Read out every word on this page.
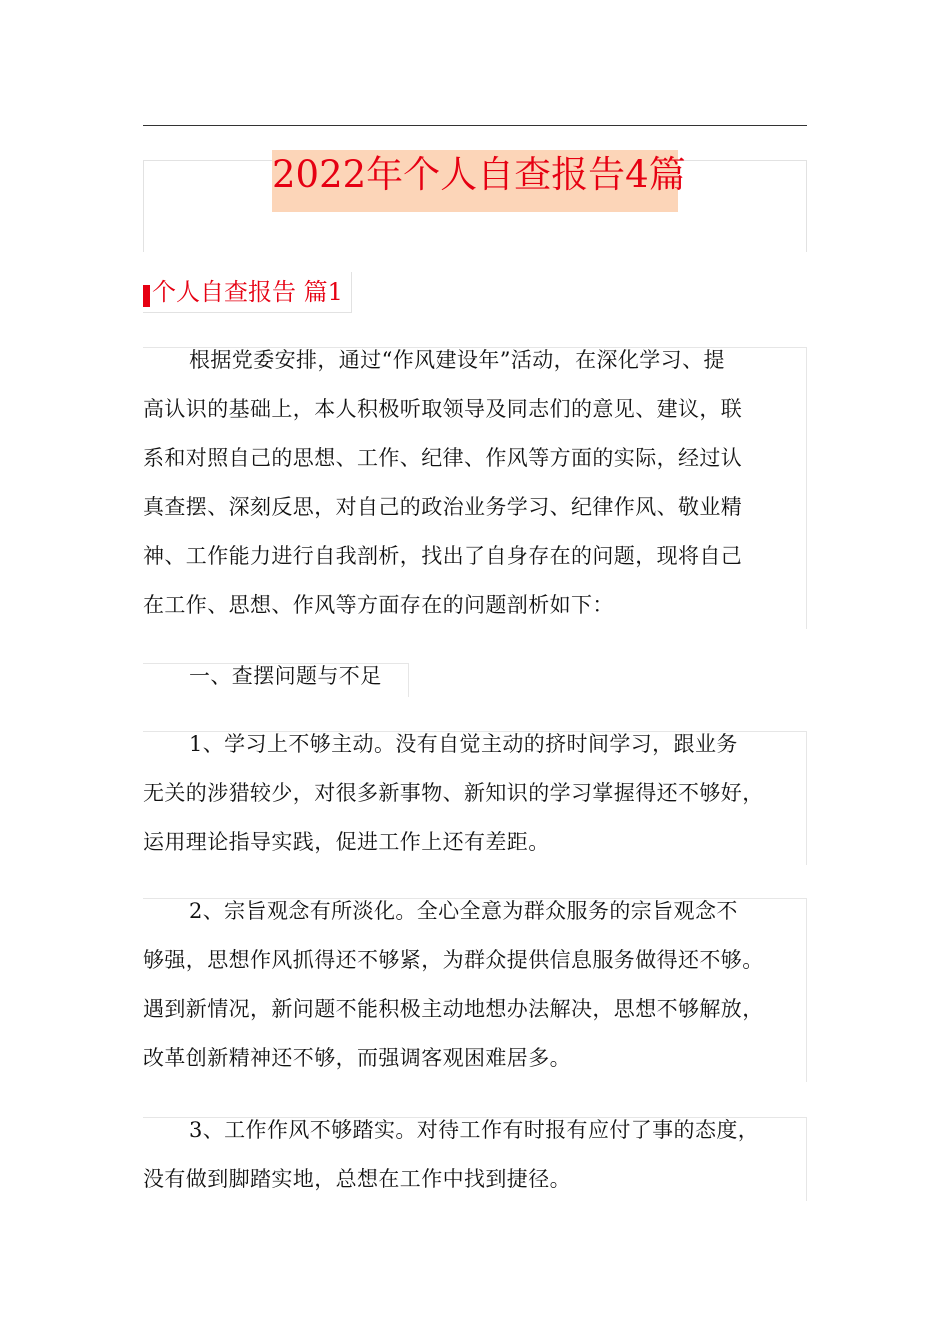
2022年个人自查报告4篇
个人自查报告 篇1
根据党委安排，通过“作风建设年”活动，在深化学习、提
高认识的基础上，本人积极听取领导及同志们的意见、建议，联
系和对照自己的思想、工作、纪律、作风等方面的实际，经过认
真查摆、深刻反思，对自己的政治业务学习、纪律作风、敬业精
神、工作能力进行自我剖析，找出了自身存在的问题，现将自己
在工作、思想、作风等方面存在的问题剖析如下：
一、查摆问题与不足
1、学习上不够主动。没有自觉主动的挤时间学习，跟业务
无关的涉猎较少，对很多新事物、新知识的学习掌握得还不够好，
运用理论指导实践，促进工作上还有差距。
2、宗旨观念有所淡化。全心全意为群众服务的宗旨观念不
够强，思想作风抓得还不够紧，为群众提供信息服务做得还不够。
遇到新情况，新问题不能积极主动地想办法解决，思想不够解放，
改革创新精神还不够，而强调客观困难居多。
3、工作作风不够踏实。对待工作有时报有应付了事的态度，
没有做到脚踏实地，总想在工作中找到捷径。
